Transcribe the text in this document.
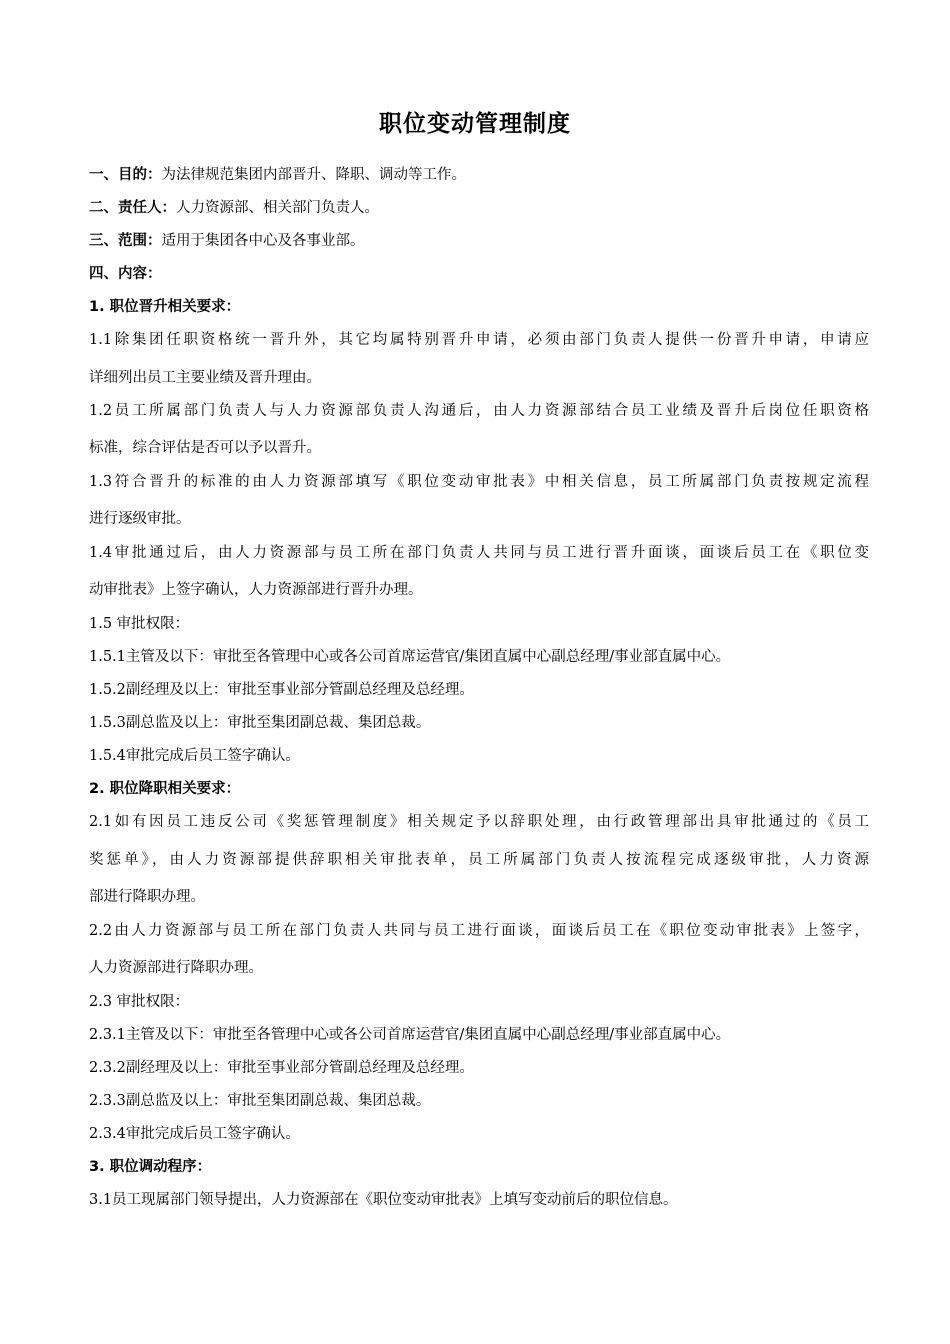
职位变动管理制度
一、目的：为法律规范集团内部晋升、降职、调动等工作。
二、责任人：人力资源部、相关部门负责人。
三、范围：适用于集团各中心及各事业部。
四、内容：
1. 职位晋升相关要求：
1.1除集团任职资格统一晋升外，其它均属特别晋升申请，必须由部门负责人提供一份晋升申请，申请应
详细列出员工主要业绩及晋升理由。
1.2员工所属部门负责人与人力资源部负责人沟通后，由人力资源部结合员工业绩及晋升后岗位任职资格
标准，综合评估是否可以予以晋升。
1.3符合晋升的标准的由人力资源部填写《职位变动审批表》中相关信息，员工所属部门负责按规定流程
进行逐级审批。
1.4审批通过后，由人力资源部与员工所在部门负责人共同与员工进行晋升面谈，面谈后员工在《职位变
动审批表》上签字确认，人力资源部进行晋升办理。
1.5 审批权限：
1.5.1主管及以下：审批至各管理中心或各公司首席运营官/集团直属中心副总经理/事业部直属中心。
1.5.2副经理及以上：审批至事业部分管副总经理及总经理。
1.5.3副总监及以上：审批至集团副总裁、集团总裁。
1.5.4审批完成后员工签字确认。
2. 职位降职相关要求：
2.1如有因员工违反公司《奖惩管理制度》相关规定予以辞职处理，由行政管理部出具审批通过的《员工
奖惩单》，由人力资源部提供辞职相关审批表单，员工所属部门负责人按流程完成逐级审批，人力资源
部进行降职办理。
2.2由人力资源部与员工所在部门负责人共同与员工进行面谈，面谈后员工在《职位变动审批表》上签字，
人力资源部进行降职办理。
2.3 审批权限：
2.3.1主管及以下：审批至各管理中心或各公司首席运营官/集团直属中心副总经理/事业部直属中心。
2.3.2副经理及以上：审批至事业部分管副总经理及总经理。
2.3.3副总监及以上：审批至集团副总裁、集团总裁。
2.3.4审批完成后员工签字确认。
3. 职位调动程序：
3.1员工现属部门领导提出，人力资源部在《职位变动审批表》上填写变动前后的职位信息。
